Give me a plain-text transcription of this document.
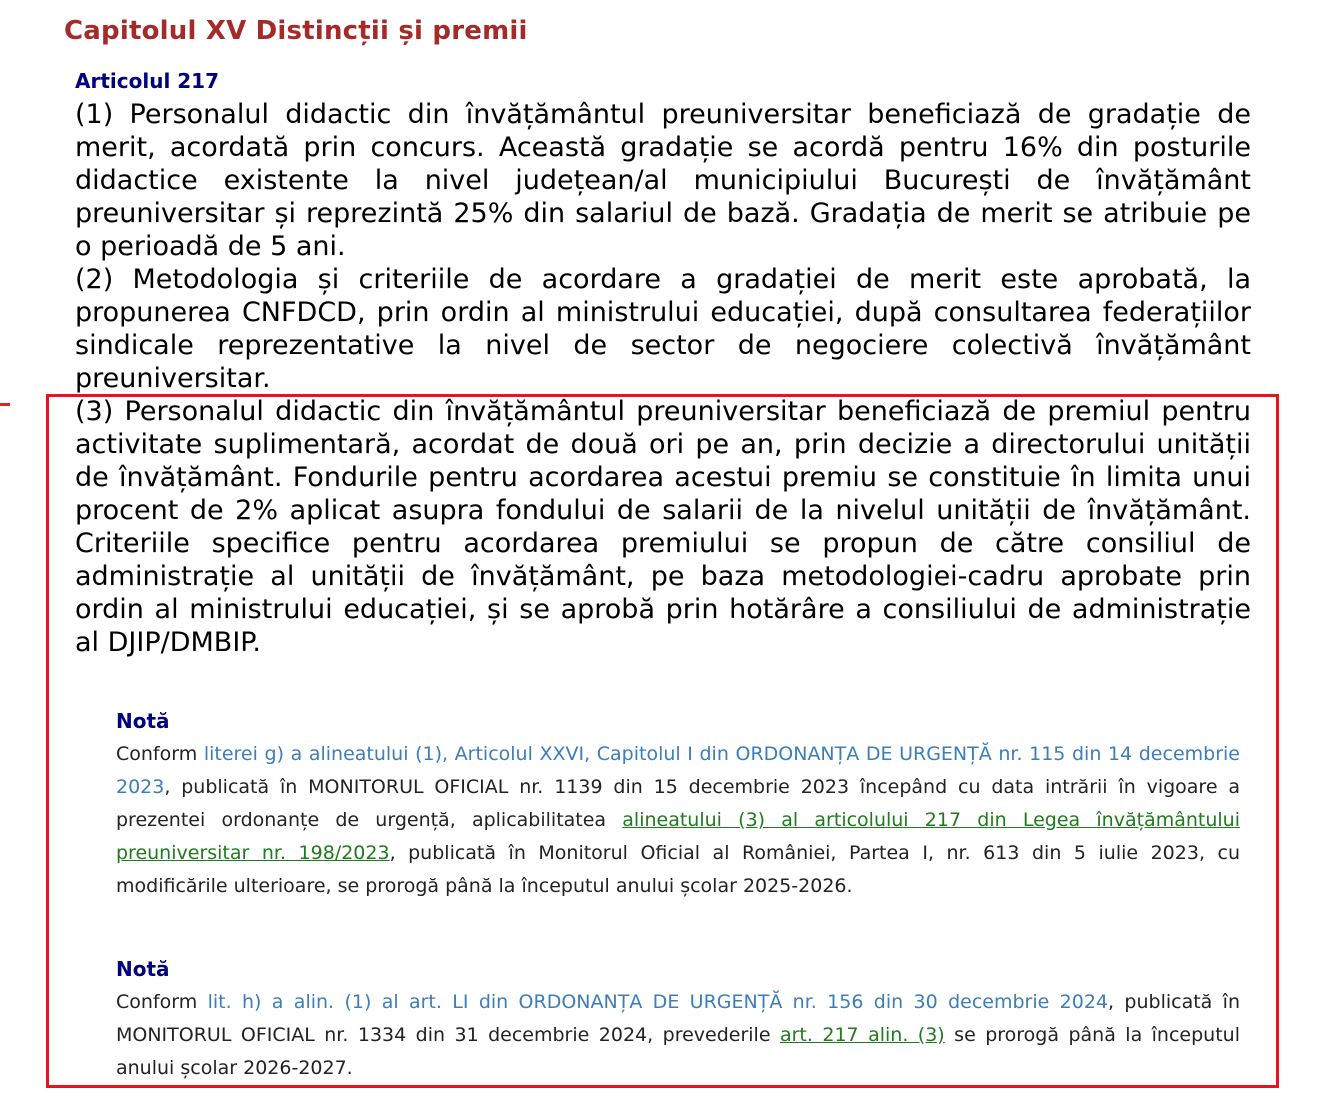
Capitolul XV Distincții și premii
Articolul 217

(1) Personalul didactic din învățământul preuniversitar beneficiază de gradație de merit, acordată prin concurs. Această gradație se acordă pentru 16% din posturile didactice existente la nivel județean/al municipiului București de învățământ preuniversitar și reprezintă 25% din salariul de bază. Gradația de merit se atribuie pe o perioadă de 5 ani.

(2) Metodologia și criteriile de acordare a gradației de merit este aprobată, la propunerea CNFDCD, prin ordin al ministrului educației, după consultarea federațiilor sindicale reprezentative la nivel de sector de negociere colectivă învățământ preuniversitar.

(3) Personalul didactic din învățământul preuniversitar beneficiază de premiul pentru activitate suplimentară, acordat de două ori pe an, prin decizie a directorului unității de învățământ. Fondurile pentru acordarea acestui premiu se constituie în limita unui procent de 2% aplicat asupra fondului de salarii de la nivelul unității de învățământ. Criteriile specifice pentru acordarea premiului se propun de către consiliul de administrație al unității de învățământ, pe baza metodologiei-cadru aprobate prin ordin al ministrului educației, și se aprobă prin hotărâre a consiliului de administrație al DJIP/DMBIP.

Notă

Conform literei g) a alineatului (1), Articolul XXVI, Capitolul I din ORDONANȚA DE URGENȚĂ nr. 115 din 14 decembrie 2023, publicată în MONITORUL OFICIAL nr. 1139 din 15 decembrie 2023 începând cu data intrării în vigoare a prezentei ordonanțe de urgență, aplicabilitatea alineatului (3) al articolului 217 din Legea învățământului preuniversitar nr. 198/2023, publicată în Monitorul Oficial al României, Partea I, nr. 613 din 5 iulie 2023, cu modificările ulterioare, se prorogă până la începutul anului școlar 2025-2026.

Notă

Conform lit. h) a alin. (1) al art. LI din ORDONANȚA DE URGENȚĂ nr. 156 din 30 decembrie 2024, publicată în MONITORUL OFICIAL nr. 1334 din 31 decembrie 2024, prevederile art. 217 alin. (3) se prorogă până la începutul anului școlar 2026-2027.
